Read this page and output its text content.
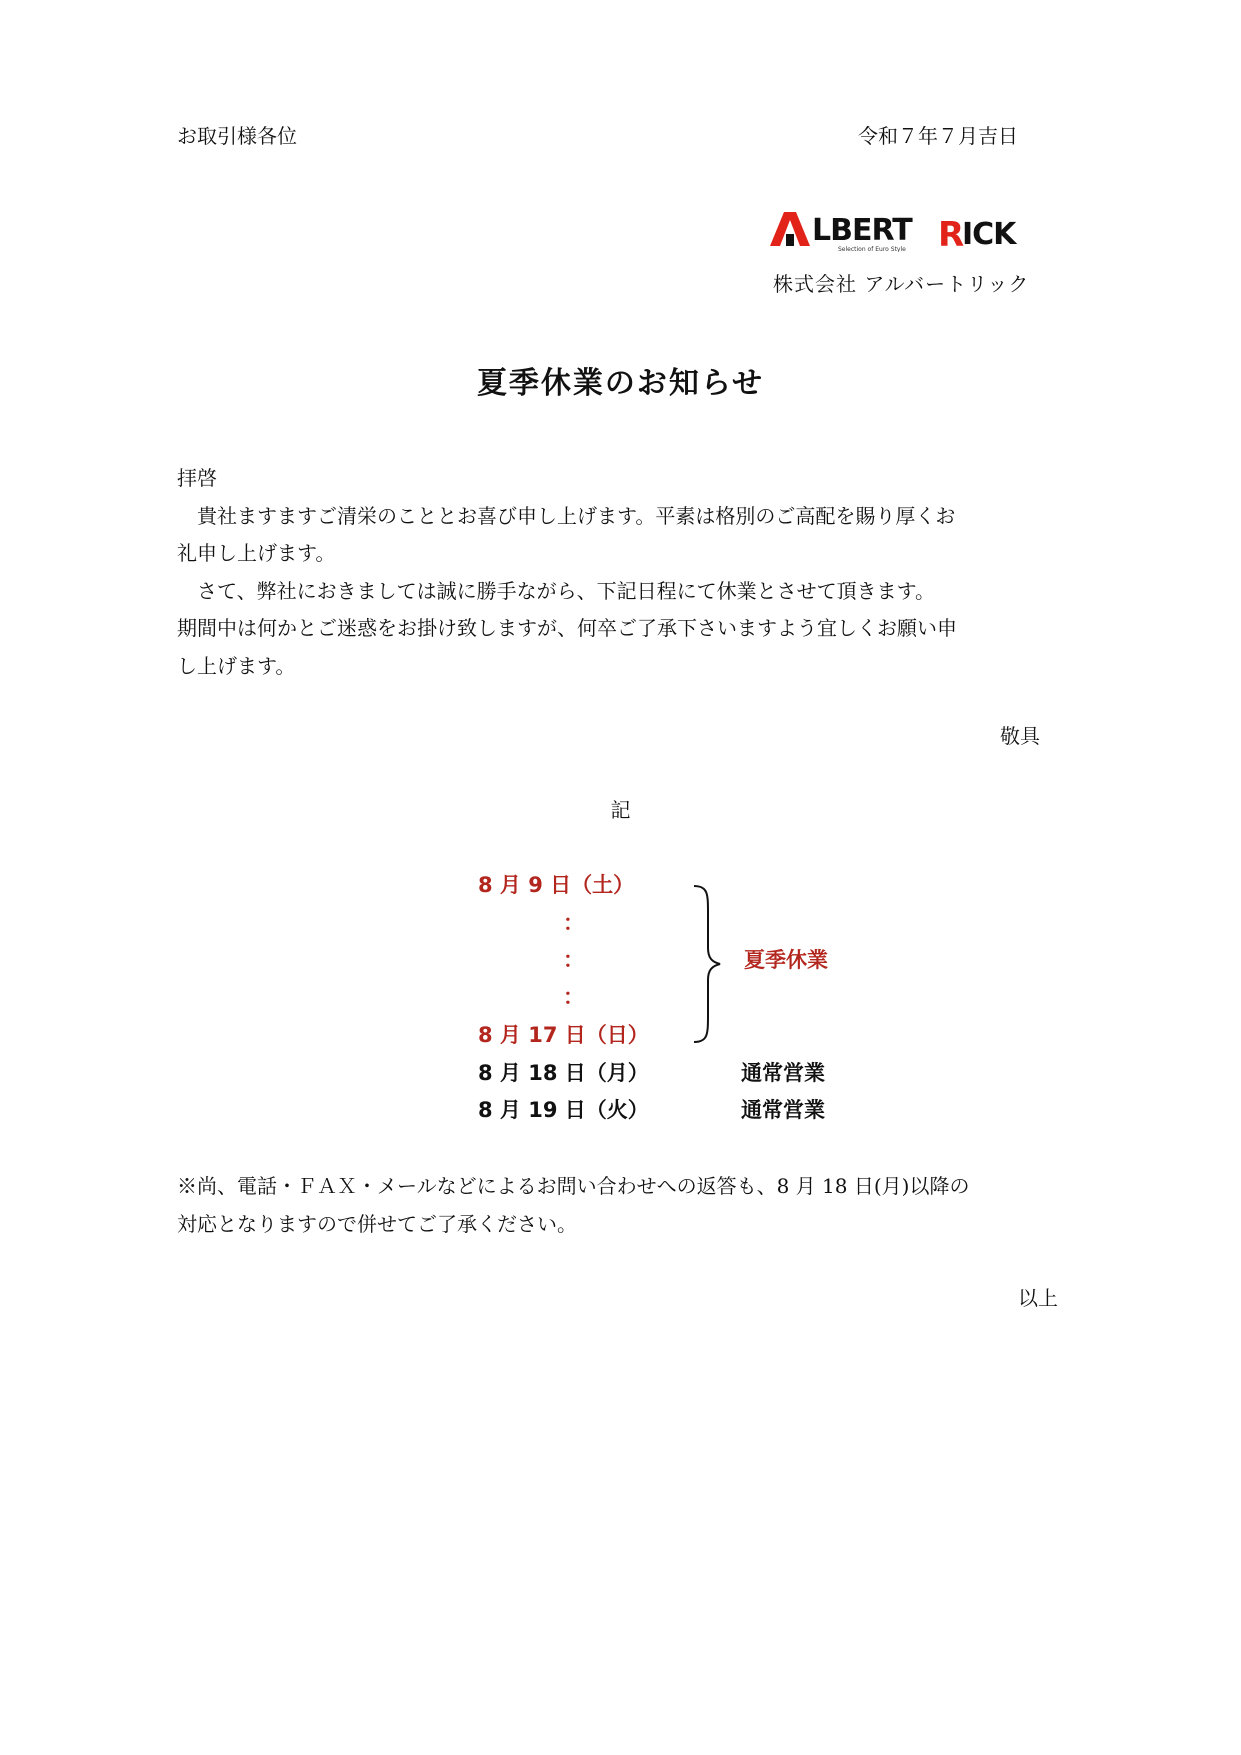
お取引様各位	令和７年７月吉日
LBERT R
ICK
Selection of Euro Style
株式会社 アルバートリック
夏季休業のお知らせ

拝啓

　貴社ますますご清栄のこととお喜び申し上げます。平素は格別のご高配を賜り厚くお

礼申し上げます。

　さて、弊社におきましては誠に勝手ながら、下記日程にて休業とさせて頂きます。

期間中は何かとご迷惑をお掛け致しますが、何卒ご了承下さいますよう宜しくお願い申

し上げます。

敬具
記
8 月 9 日（土）
：
：
：
8 月 17 日（日）
夏季休業
8 月 18 日（月）	通常営業
8 月 19 日（火）	通常営業

※尚、電話・ＦＡＸ・メールなどによるお問い合わせへの返答も、8 月 18 日(月)以降の

対応となりますので併せてご了承ください。

以上
